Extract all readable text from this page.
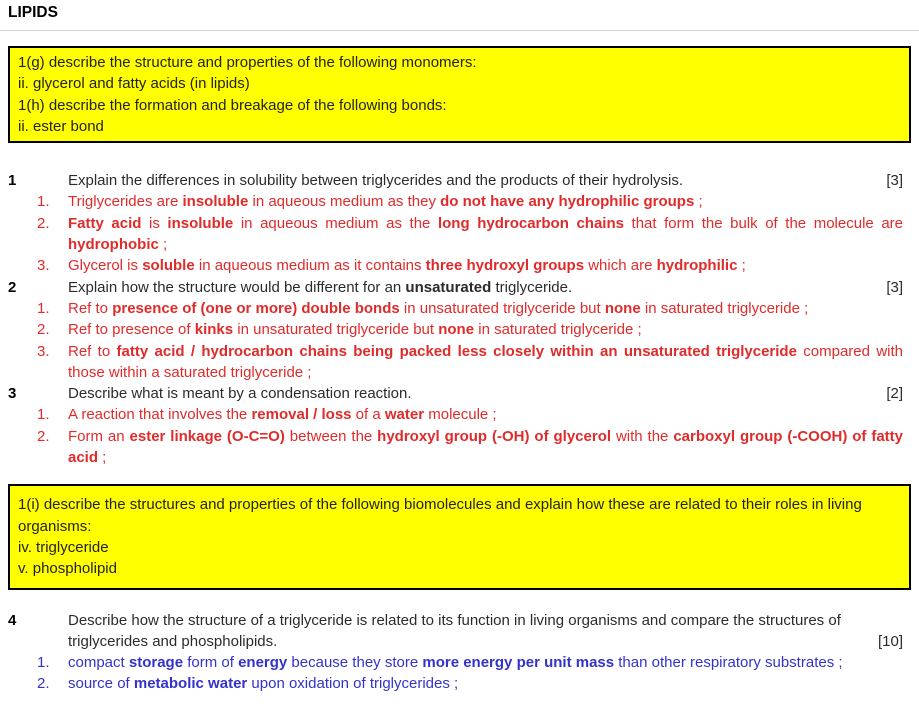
LIPIDS
1(g) describe the structure and properties of the following monomers:
ii. glycerol and fatty acids (in lipids)
1(h) describe the formation and breakage of the following bonds:
ii. ester bond
1	Explain the differences in solubility between triglycerides and the products of their hydrolysis.	[3]
1.	Triglycerides are insoluble in aqueous medium as they do not have any hydrophilic groups ;
2.	Fatty acid is insoluble in aqueous medium as the long hydrocarbon chains that form the bulk of the molecule are hydrophobic ;
3.	Glycerol is soluble in aqueous medium as it contains three hydroxyl groups which are hydrophilic ;
2	Explain how the structure would be different for an unsaturated triglyceride.	[3]
1.	Ref to presence of (one or more) double bonds in unsaturated triglyceride but none in saturated triglyceride ;
2.	Ref to presence of kinks in unsaturated triglyceride but none in saturated triglyceride ;
3.	Ref to fatty acid / hydrocarbon chains being packed less closely within an unsaturated triglyceride compared with those within a saturated triglyceride ;
3	Describe what is meant by a condensation reaction.	[2]
1.	A reaction that involves the removal / loss of a water molecule ;
2.	Form an ester linkage (O-C=O) between the hydroxyl group (-OH) of glycerol with the carboxyl group (-COOH) of fatty acid ;
1(i) describe the structures and properties of the following biomolecules and explain how these are related to their roles in living organisms:
iv. triglyceride
v. phospholipid
4	Describe how the structure of a triglyceride is related to its function in living organisms and compare the structures of triglycerides and phospholipids.	[10]
1.	compact storage form of energy because they store more energy per unit mass than other respiratory substrates ;
2.	source of metabolic water upon oxidation of triglycerides ;
